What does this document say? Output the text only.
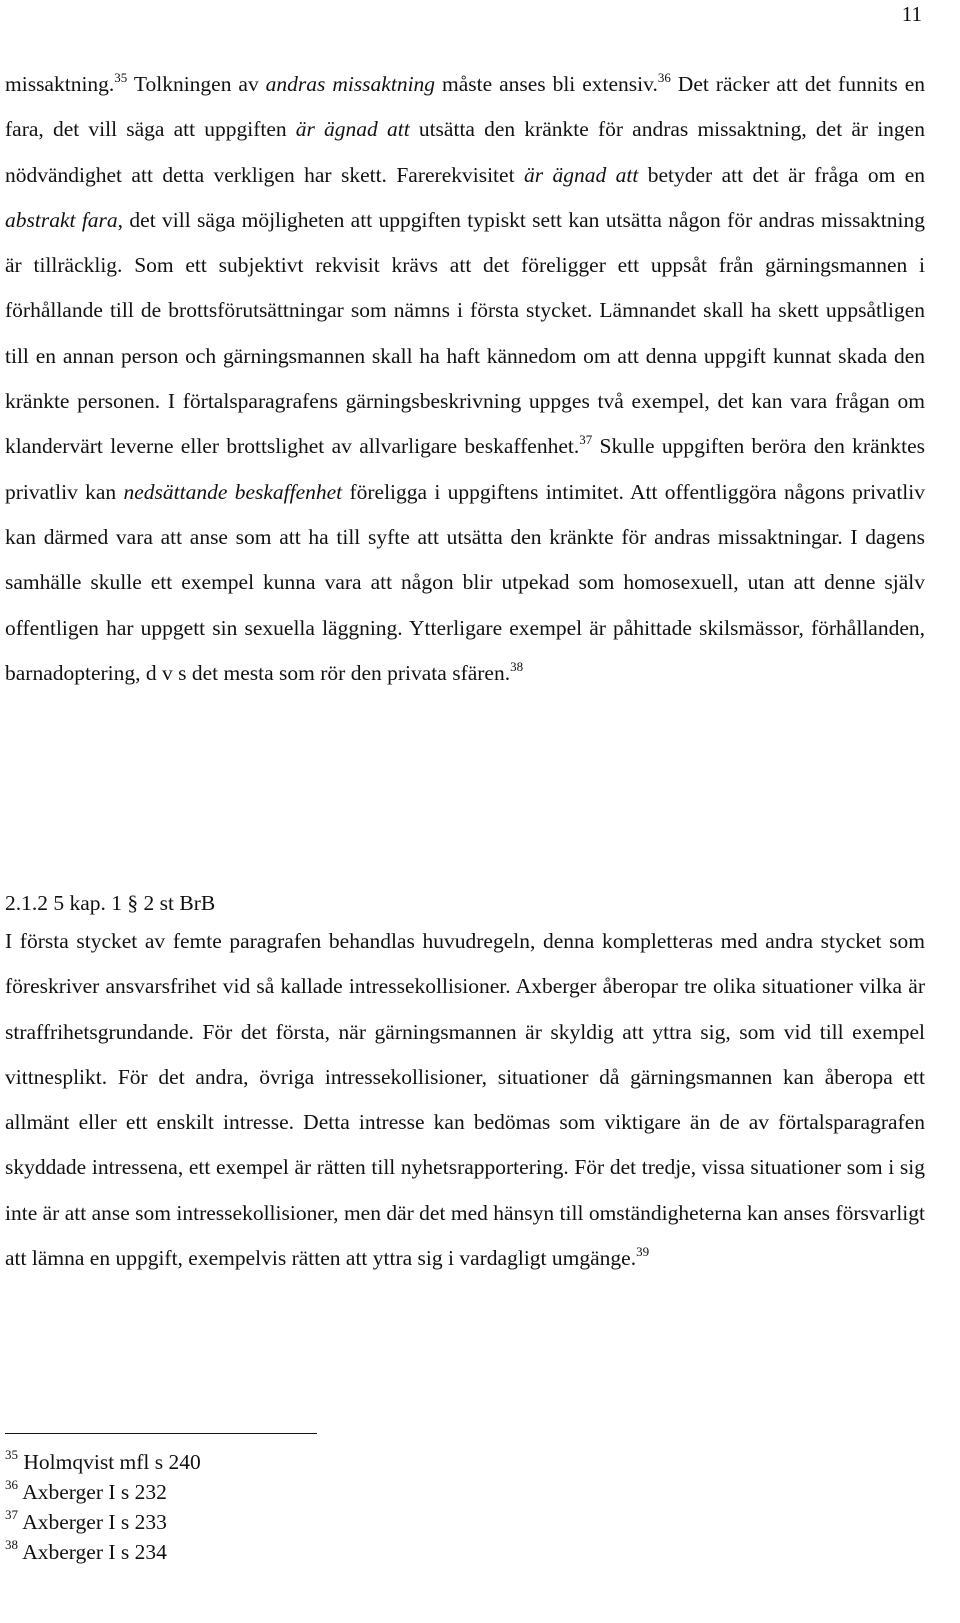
11

missaktning.$^{35}$ Tolkningen av andras missaktning måste anses bli extensiv.$^{36}$ Det räcker att det funnits en fara, det vill säga att uppgiften är ägnad att utsätta den kränkte för andras missaktning, det är ingen nödvändighet att detta verkligen har skett. Farerekvisitet är ägnad att betyder att det är fråga om en abstrakt fara, det vill säga möjligheten att uppgiften typiskt sett kan utsätta någon för andras missaktning är tillräcklig. Som ett subjektivt rekvisit krävs att det föreligger ett uppsåt från gärningsmannen i förhållande till de brottsförutsättningar som nämns i första stycket. Lämnandet skall ha skett uppsåtligen till en annan person och gärningsmannen skall ha haft kännedom om att denna uppgift kunnat skada den kränkte personen. I förtalsparagrafens gärningsbeskrivning uppges två exempel, det kan vara frågan om klandervärt leverne eller brottslighet av allvarligare beskaffenhet.$^{37}$ Skulle uppgiften beröra den kränktes privatliv kan nedsättande beskaffenhet föreligga i uppgiftens intimitet. Att offentliggöra någons privatliv kan därmed vara att anse som att ha till syfte att utsätta den kränkte för andras missaktningar. I dagens samhälle skulle ett exempel kunna vara att någon blir utpekad som homosexuell, utan att denne själv offentligen har uppgett sin sexuella läggning. Ytterligare exempel är påhittade skilsmässor, förhållanden, barnadoptering, d v s det mesta som rör den privata sfären.$^{38}$

2.1.2 5 kap. 1 § 2 st BrB

I första stycket av femte paragrafen behandlas huvudregeln, denna kompletteras med andra stycket som föreskriver ansvarsfrihet vid så kallade intressekollisioner. Axberger åberopar tre olika situationer vilka är straffrihetsgrundande. För det första, när gärningsmannen är skyldig att yttra sig, som vid till exempel vittnesplikt. För det andra, övriga intressekollisioner, situationer då gärningsmannen kan åberopa ett allmänt eller ett enskilt intresse. Detta intresse kan bedömas som viktigare än de av förtalsparagrafen skyddade intressena, ett exempel är rätten till nyhetsrapportering. För det tredje, vissa situationer som i sig inte är att anse som intressekollisioner, men där det med hänsyn till omständigheterna kan anses försvarligt att lämna en uppgift, exempelvis rätten att yttra sig i vardagligt umgänge.$^{39}$

$^{35}$ Holmqvist mfl s 240

$^{36}$ Axberger I s 232

$^{37}$ Axberger I s 233

$^{38}$ Axberger I s 234
